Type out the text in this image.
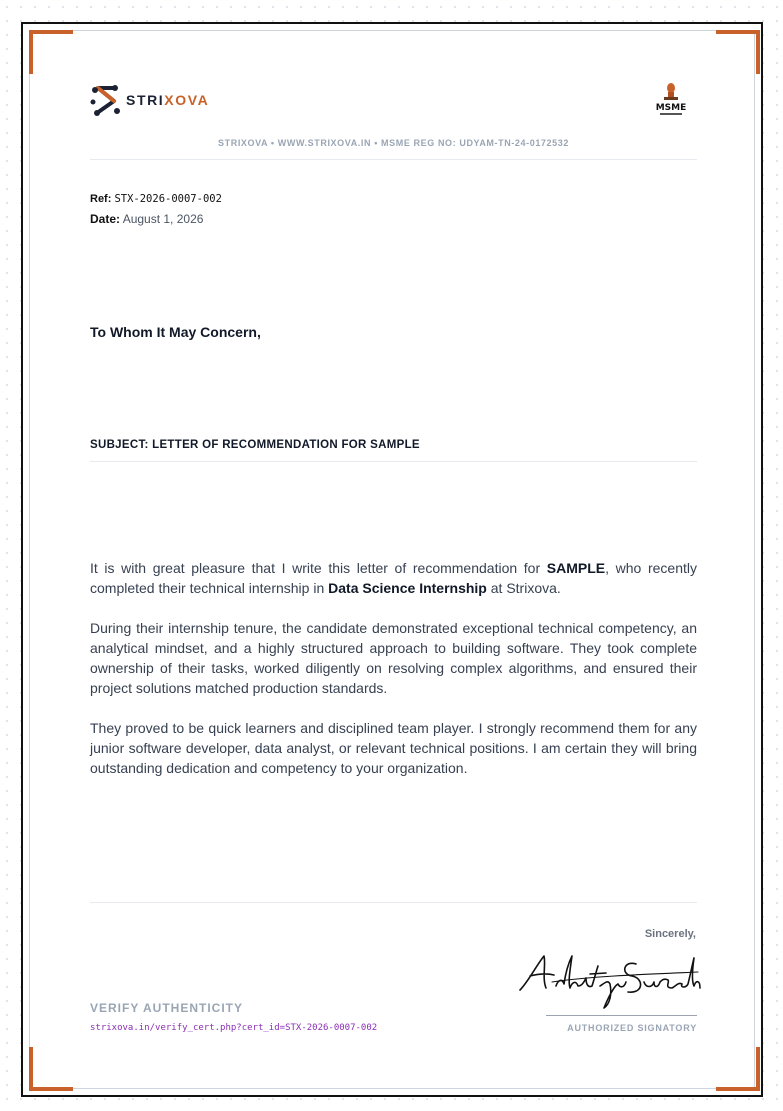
STRIXOVA	MSME
STRIXOVA • WWW.STRIXOVA.IN • MSME REG NO: UDYAM-TN-24-0172532
Ref: STX-2026-0007-002
Date: August 1, 2026
To Whom It May Concern,
SUBJECT: LETTER OF RECOMMENDATION FOR SAMPLE

It is with great pleasure that I write this letter of recommendation for SAMPLE, who recently completed their technical internship in Data Science Internship at Strixova.

During their internship tenure, the candidate demonstrated exceptional technical competency, an analytical mindset, and a highly structured approach to building software. They took complete ownership of their tasks, worked diligently on resolving complex algorithms, and ensured their project solutions matched production standards.

They proved to be quick learners and disciplined team player. I strongly recommend them for any junior software developer, data analyst, or relevant technical positions. I am certain they will bring outstanding dedication and competency to your organization.

Sincerely,
AUTHORIZED SIGNATORY
VERIFY AUTHENTICITY
strixova.in/verify_cert.php?cert_id=STX-2026-0007-002
